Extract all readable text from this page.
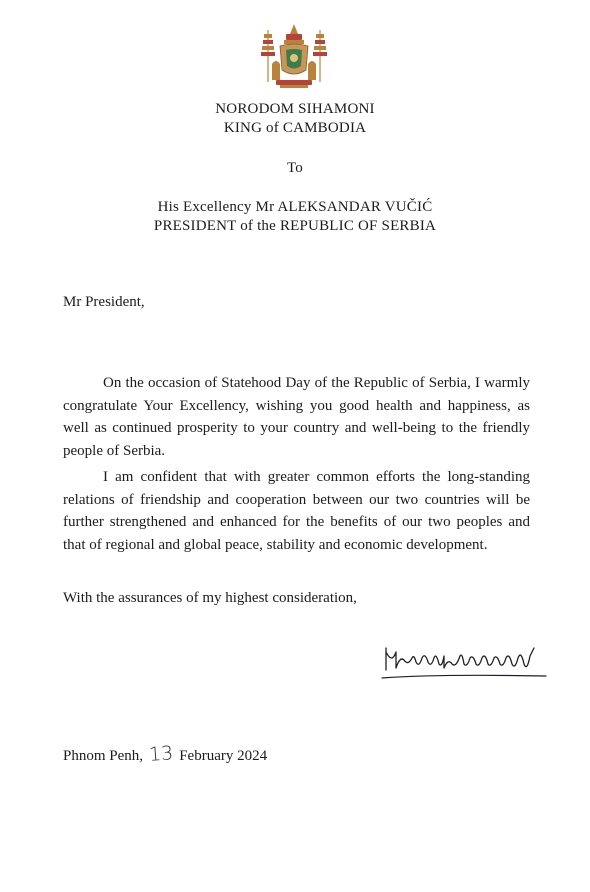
NORODOM SIHAMONI
KING of CAMBODIA
To
His Excellency Mr ALEKSANDAR VUČIĆ
PRESIDENT of the REPUBLIC OF SERBIA
Mr President,

On the occasion of Statehood Day of the Republic of Serbia, I warmly congratulate Your Excellency, wishing you good health and happiness, as well as continued prosperity to your country and well-being to the friendly people of Serbia.

I am confident that with greater common efforts the long-standing relations of friendship and cooperation between our two countries will be further strengthened and enhanced for the benefits of our two peoples and that of regional and global peace, stability and economic development.

With the assurances of my highest consideration,
Phnom Penh, 13 February 2024
